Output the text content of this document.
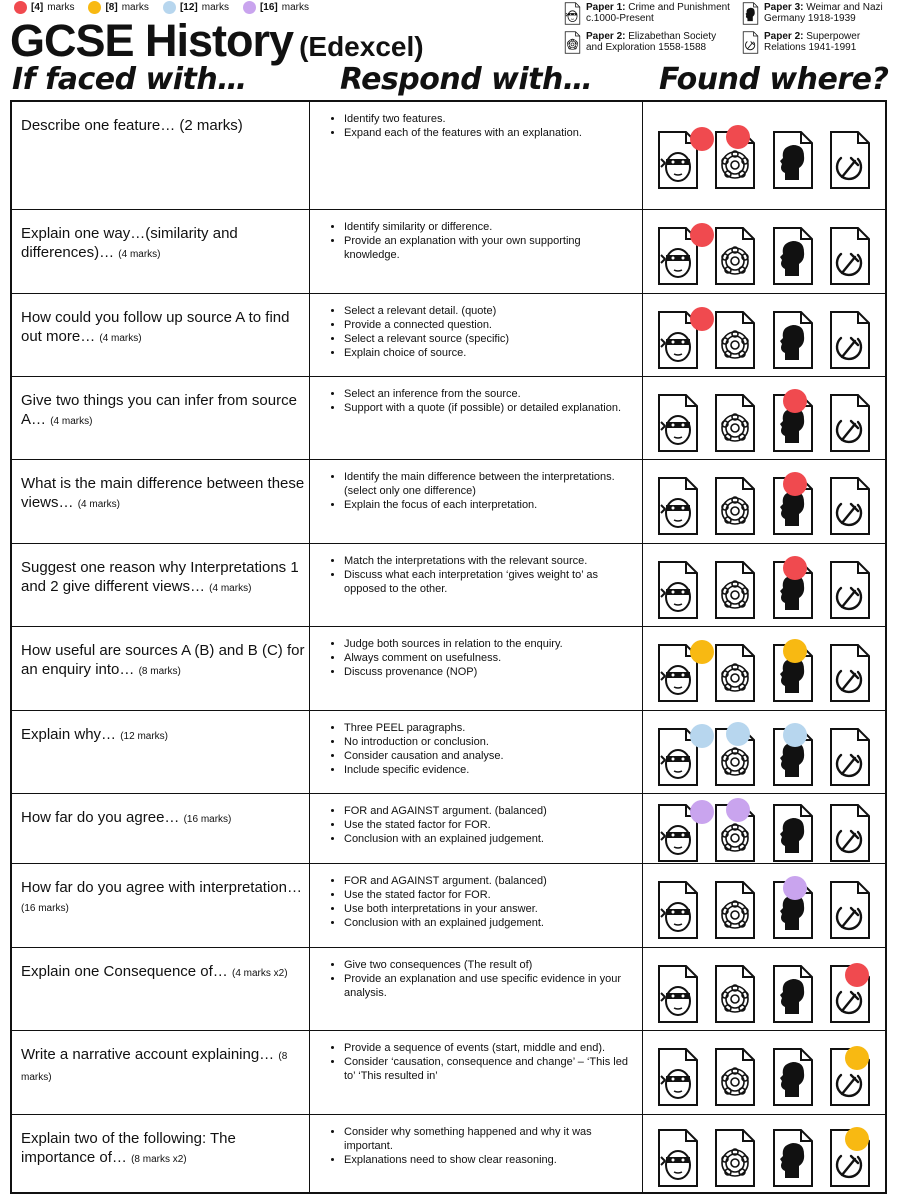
[4] marks	[8] marks	[12] marks	[16] marks
GCSE History (Edexcel)
Paper 1: Crime and Punishment
c.1000-Present
Paper 3: Weimar and Nazi
Germany 1918-1939
Paper 2: Elizabethan Society
and Exploration 1558-1588
Paper 2: Superpower
Relations 1941-1991
If faced with…	Respond with… Found where?
Describe one feature… (2 marks)
•	Identify two features.
• Expand each of the features with an explanation.
Explain one way…(similarity and differences)… (4 marks)
• Identify similarity or difference.
• Provide an explanation with your own supporting knowledge.
How could you follow up source A to find out more… (4 marks)
• Select a relevant detail. (quote)
• Provide a connected question.
• Select a relevant source (specific)
• Explain choice of source.
Give two things you can infer from source A… (4 marks)
• Select an inference from the source.
• Support with a quote (if possible) or detailed explanation.
What is the main difference between these views… (4 marks)
• Identify the main difference between the interpretations. (select only one difference)
• Explain the focus of each interpretation.
Suggest one reason why Interpretations 1 and 2 give different views… (4 marks)
• Match the interpretations with the relevant source.
• Discuss what each interpretation ‘gives weight to’ as opposed to the other.
How useful are sources A (B) and B (C) for an enquiry into… (8 marks)
• Judge both sources in relation to the enquiry.
• Always comment on usefulness.
• Discuss provenance (NOP)
Explain why… (12 marks)
• Three PEEL paragraphs.
• No introduction or conclusion.
• Consider causation and analyse.
• Include specific evidence.
How far do you agree… (16 marks)
• FOR and AGAINST argument. (balanced)
• Use the stated factor for FOR.
• Conclusion with an explained judgement.
How far do you agree with interpretation… (16 marks)
• FOR and AGAINST argument. (balanced)
• Use the stated factor for FOR.
• Use both interpretations in your answer.
• Conclusion with an explained judgement.
Explain one Consequence of… (4 marks x2)
• Give two consequences (The result of)
• Provide an explanation and use specific evidence in your analysis.
Write a narrative account explaining… (8 marks)
• Provide a sequence of events (start, middle and end).
• Consider ‘causation, consequence and change’ – ‘This led to’ ‘This resulted in’
Explain two of the following: The importance of… (8 marks x2)
• Consider why something happened and why it was important.
• Explanations need to show clear reasoning.
